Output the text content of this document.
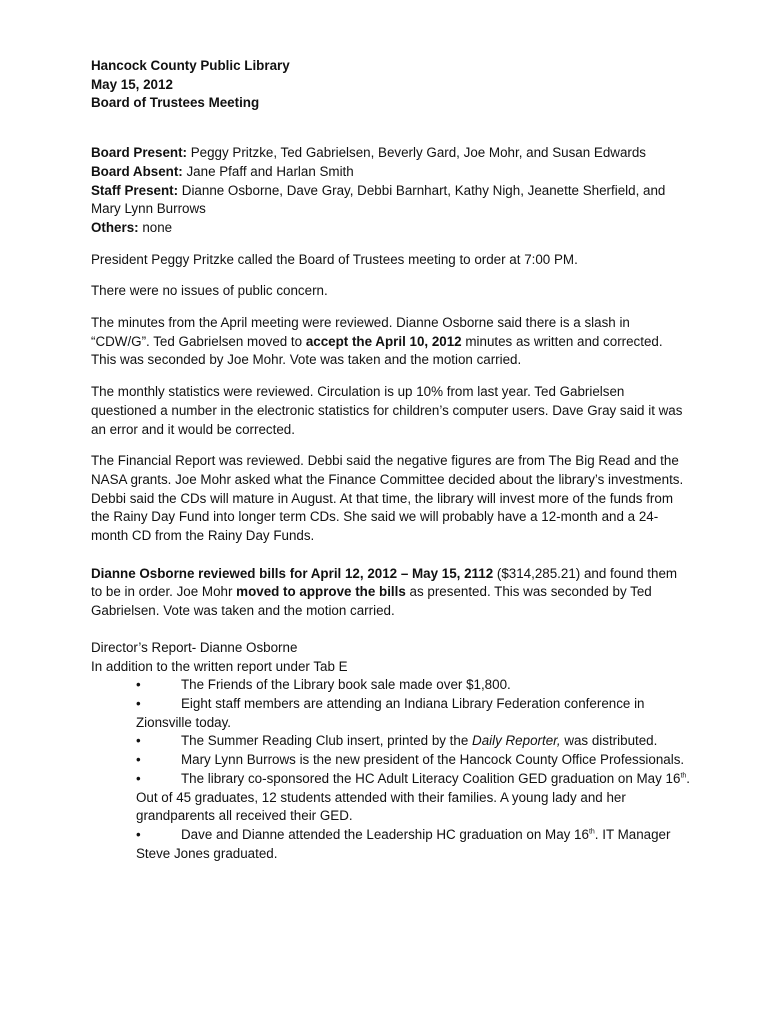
Hancock County Public Library
May 15, 2012
Board of Trustees Meeting

Board Present: Peggy Pritzke, Ted Gabrielsen, Beverly Gard, Joe Mohr, and Susan Edwards

Board Absent: Jane Pfaff and Harlan Smith

Staff Present: Dianne Osborne, Dave Gray, Debbi Barnhart, Kathy Nigh, Jeanette Sherfield, and Mary Lynn Burrows

Others: none

President Peggy Pritzke called the Board of Trustees meeting to order at 7:00 PM.

There were no issues of public concern.

The minutes from the April meeting were reviewed. Dianne Osborne said there is a slash in “CDW/G”. Ted Gabrielsen moved to accept the April 10, 2012 minutes as written and corrected. This was seconded by Joe Mohr. Vote was taken and the motion carried.

The monthly statistics were reviewed. Circulation is up 10% from last year. Ted Gabrielsen questioned a number in the electronic statistics for children’s computer users. Dave Gray said it was an error and it would be corrected.

The Financial Report was reviewed. Debbi said the negative figures are from The Big Read and the NASA grants. Joe Mohr asked what the Finance Committee decided about the library’s investments. Debbi said the CDs will mature in August. At that time, the library will invest more of the funds from the Rainy Day Fund into longer term CDs. She said we will probably have a 12-month and a 24-month CD from the Rainy Day Funds.

Dianne Osborne reviewed bills for April 12, 2012 – May 15, 2112 ($314,285.21) and found them to be in order. Joe Mohr moved to approve the bills as presented. This was seconded by Ted Gabrielsen. Vote was taken and the motion carried.

Director’s Report- Dianne Osborne

In addition to the written report under Tab E

•	The Friends of the Library book sale made over $1,800.
•	Eight staff members are attending an Indiana Library Federation conference in Zionsville today.
•	The Summer Reading Club insert, printed by the Daily Reporter, was distributed.
•	Mary Lynn Burrows is the new president of the Hancock County Office Professionals.
•	The library co-sponsored the HC Adult Literacy Coalition GED graduation on May 16th. Out of 45 graduates, 12 students attended with their families. A young lady and her grandparents all received their GED.
•	Dave and Dianne attended the Leadership HC graduation on May 16th. IT Manager Steve Jones graduated.
